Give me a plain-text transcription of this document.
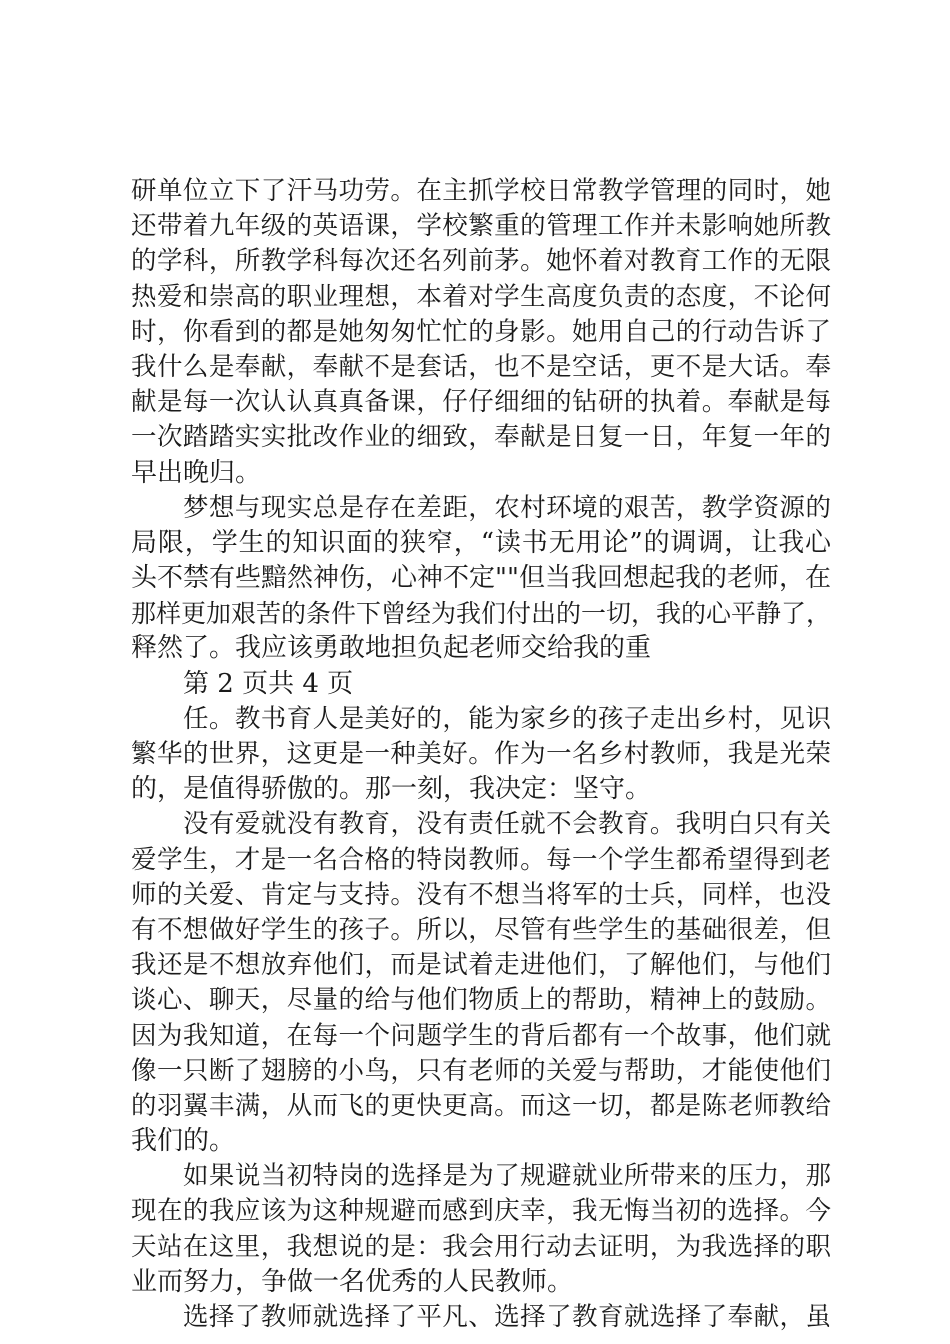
研单位立下了汗马功劳。在主抓学校日常教学管理的同时，她
还带着九年级的英语课，学校繁重的管理工作并未影响她所教
的学科，所教学科每次还名列前茅。她怀着对教育工作的无限
热爱和崇高的职业理想，本着对学生高度负责的态度，不论何
时，你看到的都是她匆匆忙忙的身影。她用自己的行动告诉了
我什么是奉献，奉献不是套话，也不是空话，更不是大话。奉
献是每一次认认真真备课，仔仔细细的钻研的执着。奉献是每
一次踏踏实实批改作业的细致，奉献是日复一日，年复一年的
早出晚归。
梦想与现实总是存在差距，农村环境的艰苦，教学资源的
局限，学生的知识面的狭窄，“读书无用论”的调调，让我心
头不禁有些黯然神伤，心神不定""但当我回想起我的老师，在
那样更加艰苦的条件下曾经为我们付出的一切，我的心平静了，
释然了。我应该勇敢地担负起老师交给我的重
第 2 页共 4 页
任。教书育人是美好的，能为家乡的孩子走出乡村，见识
繁华的世界，这更是一种美好。作为一名乡村教师，我是光荣
的，是值得骄傲的。那一刻，我决定：坚守。
没有爱就没有教育，没有责任就不会教育。我明白只有关
爱学生，才是一名合格的特岗教师。每一个学生都希望得到老
师的关爱、肯定与支持。没有不想当将军的士兵，同样，也没
有不想做好学生的孩子。所以，尽管有些学生的基础很差，但
我还是不想放弃他们，而是试着走进他们，了解他们，与他们
谈心、聊天，尽量的给与他们物质上的帮助，精神上的鼓励。
因为我知道，在每一个问题学生的背后都有一个故事，他们就
像一只断了翅膀的小鸟，只有老师的关爱与帮助，才能使他们
的羽翼丰满，从而飞的更快更高。而这一切，都是陈老师教给
我们的。
如果说当初特岗的选择是为了规避就业所带来的压力，那
现在的我应该为这种规避而感到庆幸，我无悔当初的选择。今
天站在这里，我想说的是：我会用行动去证明，为我选择的职
业而努力，争做一名优秀的人民教师。
选择了教师就选择了平凡、选择了教育就选择了奉献，虽
